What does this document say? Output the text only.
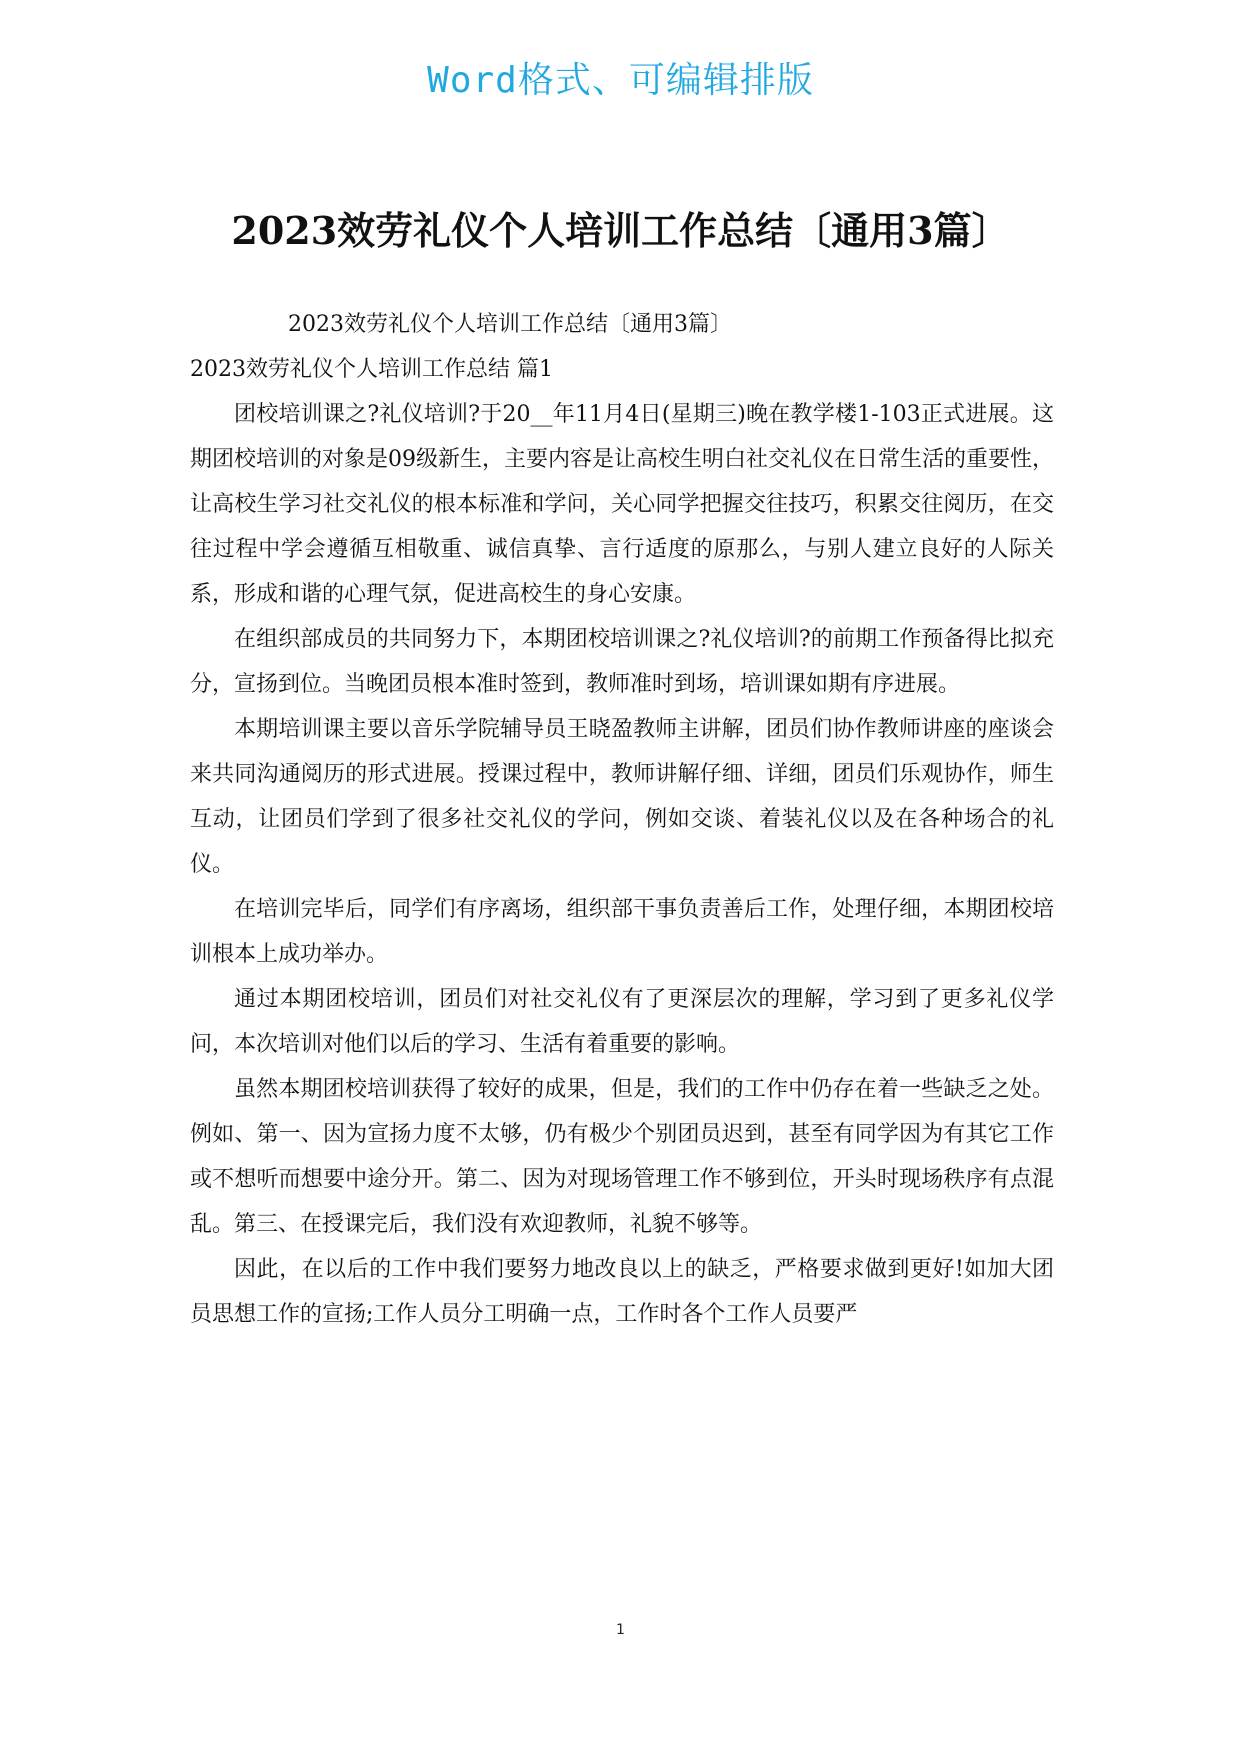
Word格式、可编辑排版
2023效劳礼仪个人培训工作总结〔通用3篇〕

2023效劳礼仪个人培训工作总结〔通用3篇〕

2023效劳礼仪个人培训工作总结 篇1

团校培训课之?礼仪培训?于20__年11月4日(星期三)晚在教学楼1-103正式进展。这期团校培训的对象是09级新生，主要内容是让高校生明白社交礼仪在日常生活的重要性，让高校生学习社交礼仪的根本标准和学问，关心同学把握交往技巧，积累交往阅历，在交往过程中学会遵循互相敬重、诚信真挚、言行适度的原那么，与别人建立良好的人际关系，形成和谐的心理气氛，促进高校生的身心安康。

在组织部成员的共同努力下，本期团校培训课之?礼仪培训?的前期工作预备得比拟充分，宣扬到位。当晚团员根本准时签到，教师准时到场，培训课如期有序进展。

本期培训课主要以音乐学院辅导员王晓盈教师主讲解，团员们协作教师讲座的座谈会来共同沟通阅历的形式进展。授课过程中，教师讲解仔细、详细，团员们乐观协作，师生互动，让团员们学到了很多社交礼仪的学问，例如交谈、着装礼仪以及在各种场合的礼仪。

在培训完毕后，同学们有序离场，组织部干事负责善后工作，处理仔细，本期团校培训根本上成功举办。

通过本期团校培训，团员们对社交礼仪有了更深层次的理解，学习到了更多礼仪学问，本次培训对他们以后的学习、生活有着重要的影响。

虽然本期团校培训获得了较好的成果，但是，我们的工作中仍存在着一些缺乏之处。例如、第一、因为宣扬力度不太够，仍有极少个别团员迟到，甚至有同学因为有其它工作或不想听而想要中途分开。第二、因为对现场管理工作不够到位，开头时现场秩序有点混乱。第三、在授课完后，我们没有欢迎教师，礼貌不够等。

因此，在以后的工作中我们要努力地改良以上的缺乏，严格要求做到更好!如加大团员思想工作的宣扬;工作人员分工明确一点，工作时各个工作人员要严

1
